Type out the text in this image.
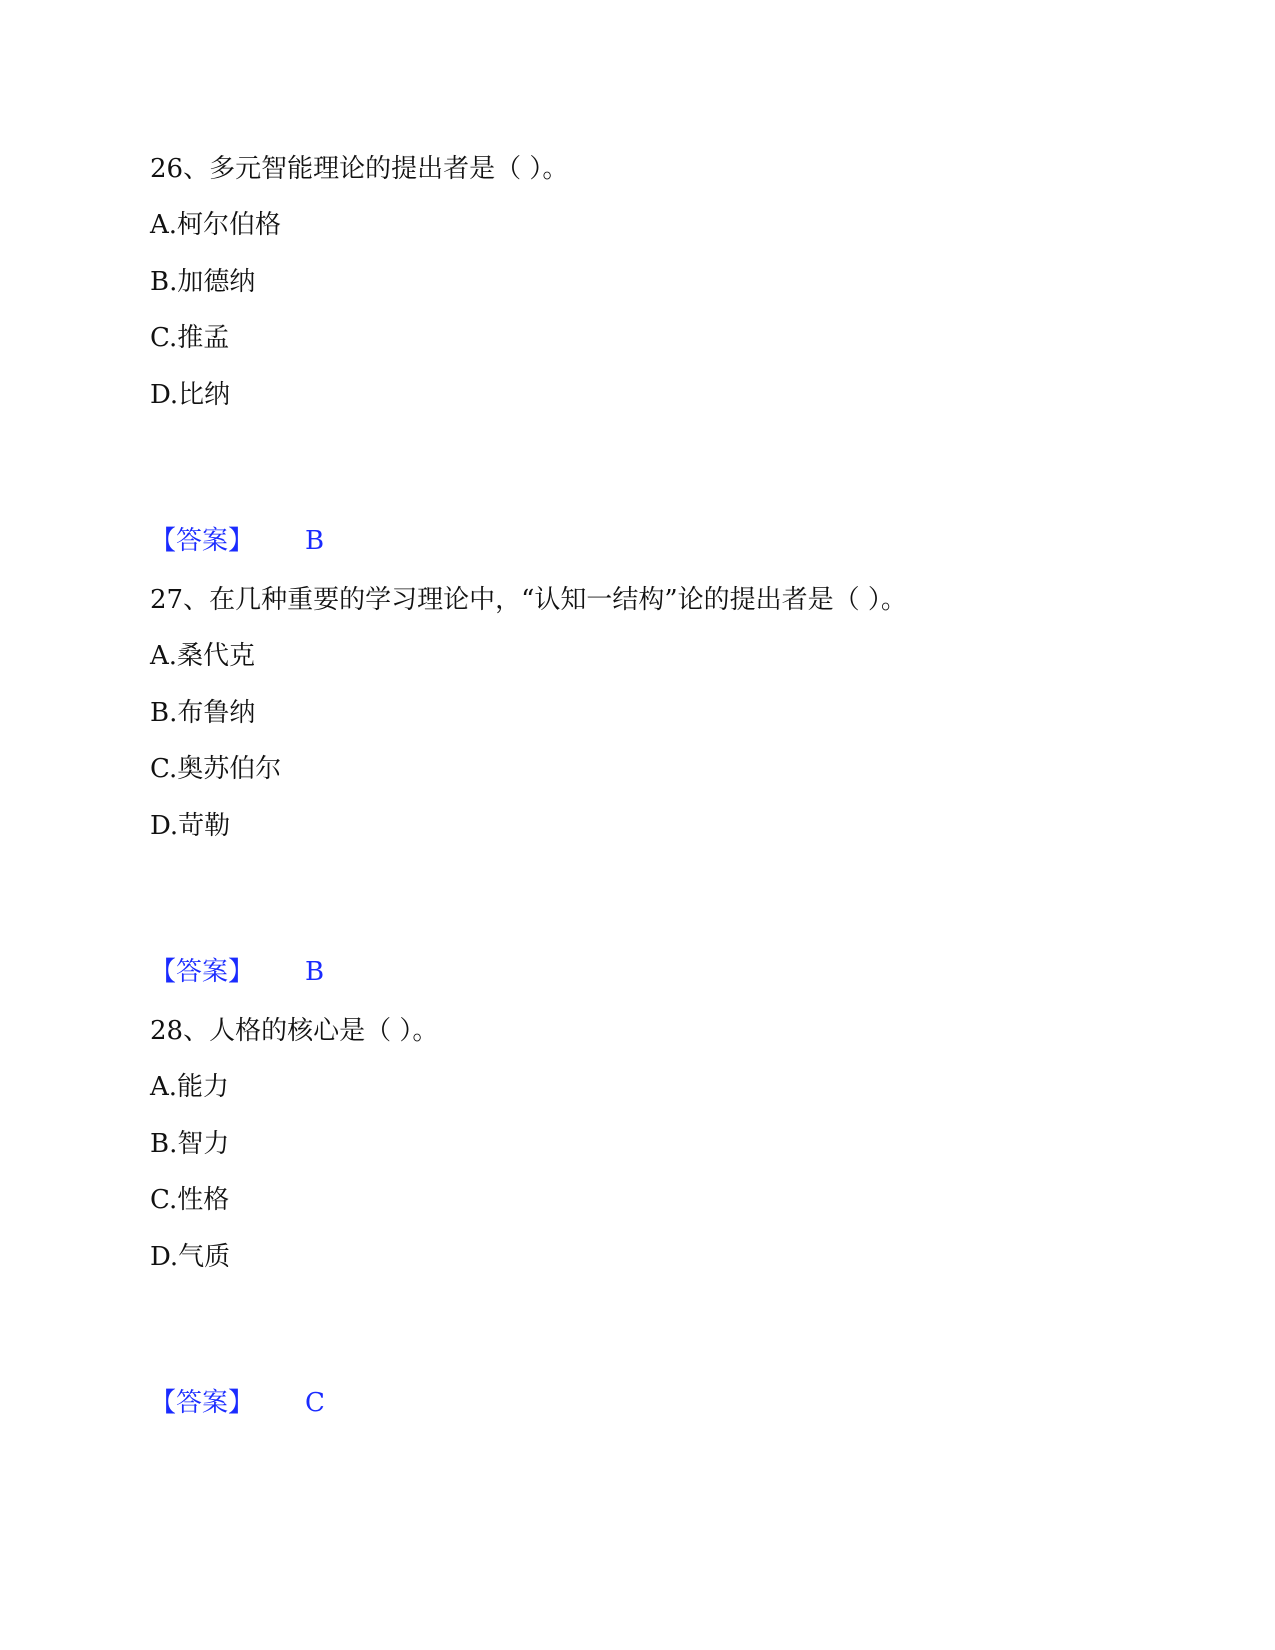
26、多元智能理论的提出者是（ ）。
A.柯尔伯格
B.加德纳
C.推孟
D.比纳
【答案】 B
27、在几种重要的学习理论中，“认知一结构”论的提出者是（ ）。
A.桑代克
B.布鲁纳
C.奥苏伯尔
D.苛勒
【答案】 B
28、人格的核心是（ ）。
A.能力
B.智力
C.性格
D.气质
【答案】 C
